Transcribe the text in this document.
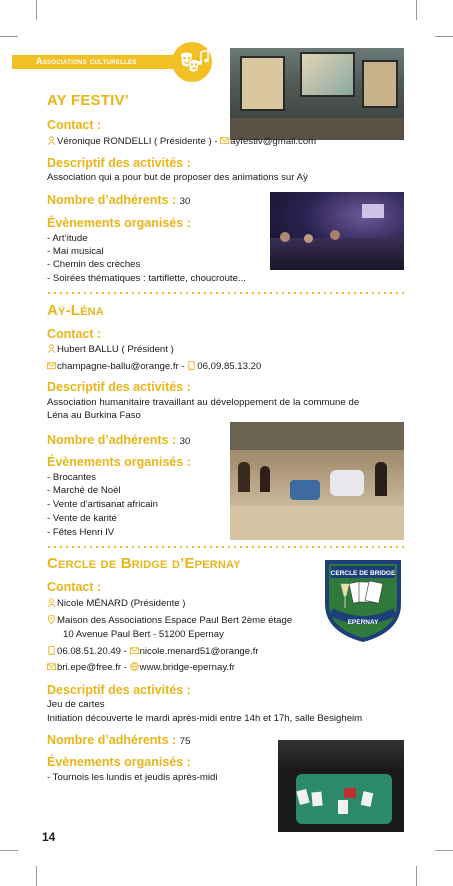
Associations culturelles
AY FESTIV’
Contact :
Véronique RONDELLI ( Présidente ) - ayfestiv@gmail.com
Descriptif des activités :
Association qui a pour but de proposer des animations sur Aÿ
Nombre d’adhérents : 30
Évènements organisés :
- Art’itude
- Mai musical
- Chemin des crèches
- Soirées thématiques : tartiflette, choucroute...
Aÿ-Léna
Contact :
Hubert BALLU ( Président )
champagne-ballu@orange.fr - 06.09.85.13.20
Descriptif des activités :
Association humanitaire travaillant au développement de la commune de
Léna au Burkina Faso
Nombre d’adhérents : 30
Évènements organisés :
- Brocantes
- Marché de Noël
- Vente d’artisanat africain
- Vente de karité
- Fêtes Henri IV
Cercle de Bridge d’Epernay
CERCLE DE BRIDGE
EPERNAY
Contact :
Nicole MÉNARD (Présidente )
Maison des Associations Espace Paul Bert 2ème étage
10 Avenue Paul Bert - 51200 Epernay
06.08.51.20.49 - nicole.menard51@orange.fr
bri.epe@free.fr - www.bridge-epernay.fr
Descriptif des activités :
Jeu de cartes
Initiation découverte le mardi après-midi entre 14h et 17h, salle Besigheim
Nombre d’adhérents : 75
Évènements organisés :
- Tournois les lundis et jeudis après-midi
14
